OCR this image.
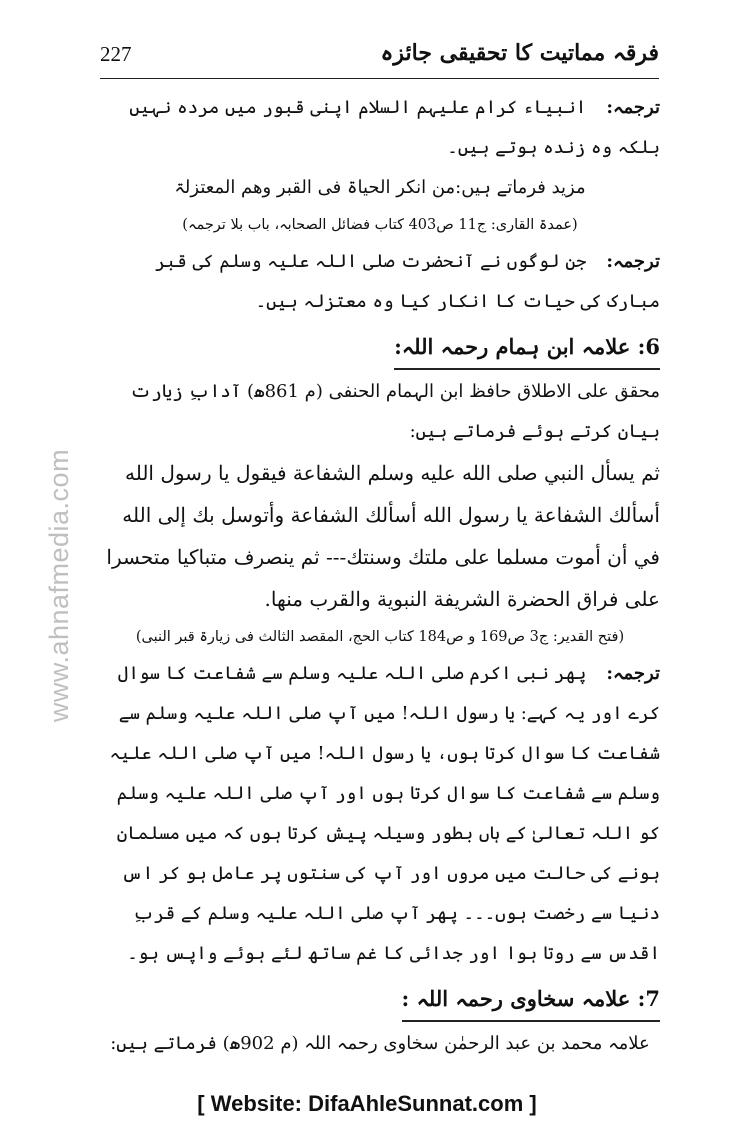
www.ahnafmedia.com
227	فرقہ مماتیت کا تحقیقی جائزہ

ترجمہ:انبیاء کرام علیہم السلام اپنی قبور میں مردہ نہیں بلکہ وہ زندہ ہوتے ہیں۔

مزید فرماتے ہیں:من انکر الحیاۃ فی القبر وھم المعتزلۃ

(عمدۃ القاری: ج11 ص403 کتاب فضائل الصحابہ، باب بلا ترجمہ)

ترجمہ:جن لوگوں نے آنحضرت صلی اللہ علیہ وسلم کی قبر مبارک کی حیات کا انکار کیا وہ معتزلہ ہیں۔

6: علامہ ابن ہمام رحمہ اللہ:

محقق علی الاطلاق حافظ ابن الہمام الحنفی (م 861ھ) آدابِ زیارت بیان کرتے ہوئے فرماتے ہیں:

ثم يسأل النبي صلى الله عليه وسلم الشفاعة فيقول يا رسول الله أسألك الشفاعة يا رسول الله أسألك الشفاعة وأتوسل بك إلى الله في أن أموت مسلما على ملتك وسنتك--- ثم ينصرف متباكيا متحسرا على فراق الحضرة الشريفة النبوية والقرب منها.

(فتح القدیر: ج3 ص169 و ص184 کتاب الحج، المقصد الثالث فی زیارۃ قبر النبی)

ترجمہ:پھر نبی اکرم صلی اللہ علیہ وسلم سے شفاعت کا سوال کرے اور یہ کہے: یا رسول اللہ! میں آپ صلی اللہ علیہ وسلم سے شفاعت کا سوال کرتا ہوں، یا رسول اللہ! میں آپ صلی اللہ علیہ وسلم سے شفاعت کا سوال کرتا ہوں اور آپ صلی اللہ علیہ وسلم کو اللہ تعالیٰ کے ہاں بطور وسیلہ پیش کرتا ہوں کہ میں مسلمان ہونے کی حالت میں مروں اور آپ کی سنتوں پر عامل ہو کر اس دنیا سے رخصت ہوں۔۔۔ پھر آپ صلی اللہ علیہ وسلم کے قربِ اقدس سے روتا ہوا اور جدائی کا غم ساتھ لئے ہوئے واپس ہو۔

7: علامہ سخاوی رحمہ اللہ :

علامہ محمد بن عبد الرحمٰن سخاوی رحمہ اللہ (م 902ھ) فرماتے ہیں:

[ Website: DifaAhleSunnat.com ]
